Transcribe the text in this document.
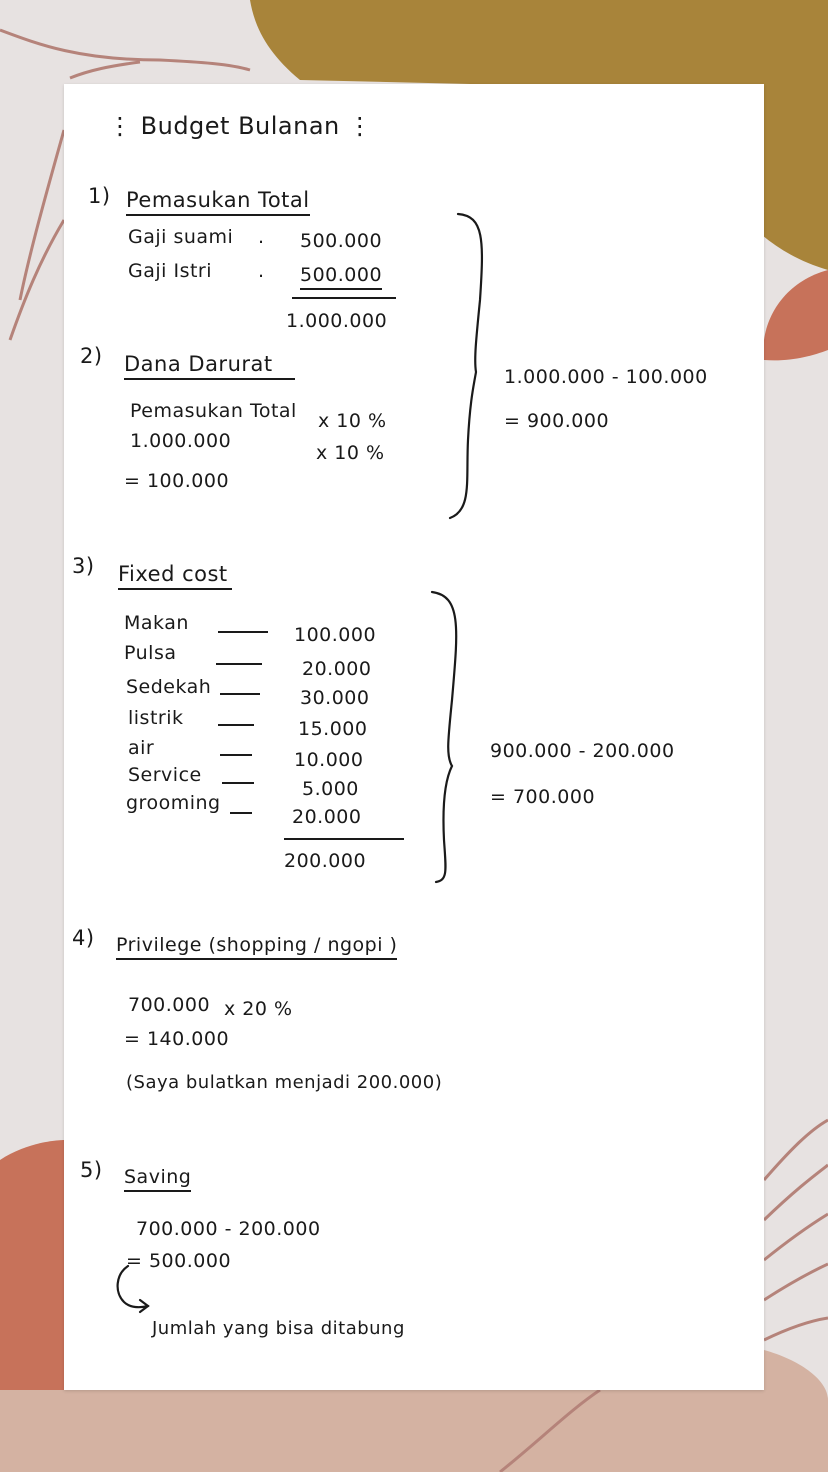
⋮ Budget Bulanan ⋮
1) Pemasukan Total
Gaji suami . 500.000
Gaji Istri . 500.000
1.000.000
2) Dana Darurat
Pemasukan Total x 10 %
1.000.000
x 10 %
= 100.000
1.000.000 - 100.000
= 900.000
3) Fixed cost
Makan
100.000
Pulsa
20.000
Sedekah	30.000
listrik	15.000
air
10.000
Service
5.000
grooming
20.000
200.000
900.000 - 200.000
= 700.000
4) Privilege (shopping / ngopi )
700.000 x 20 %
= 140.000
(Saya bulatkan menjadi 200.000)
5) Saving
700.000 - 200.000
= 500.000
Jumlah yang bisa ditabung
